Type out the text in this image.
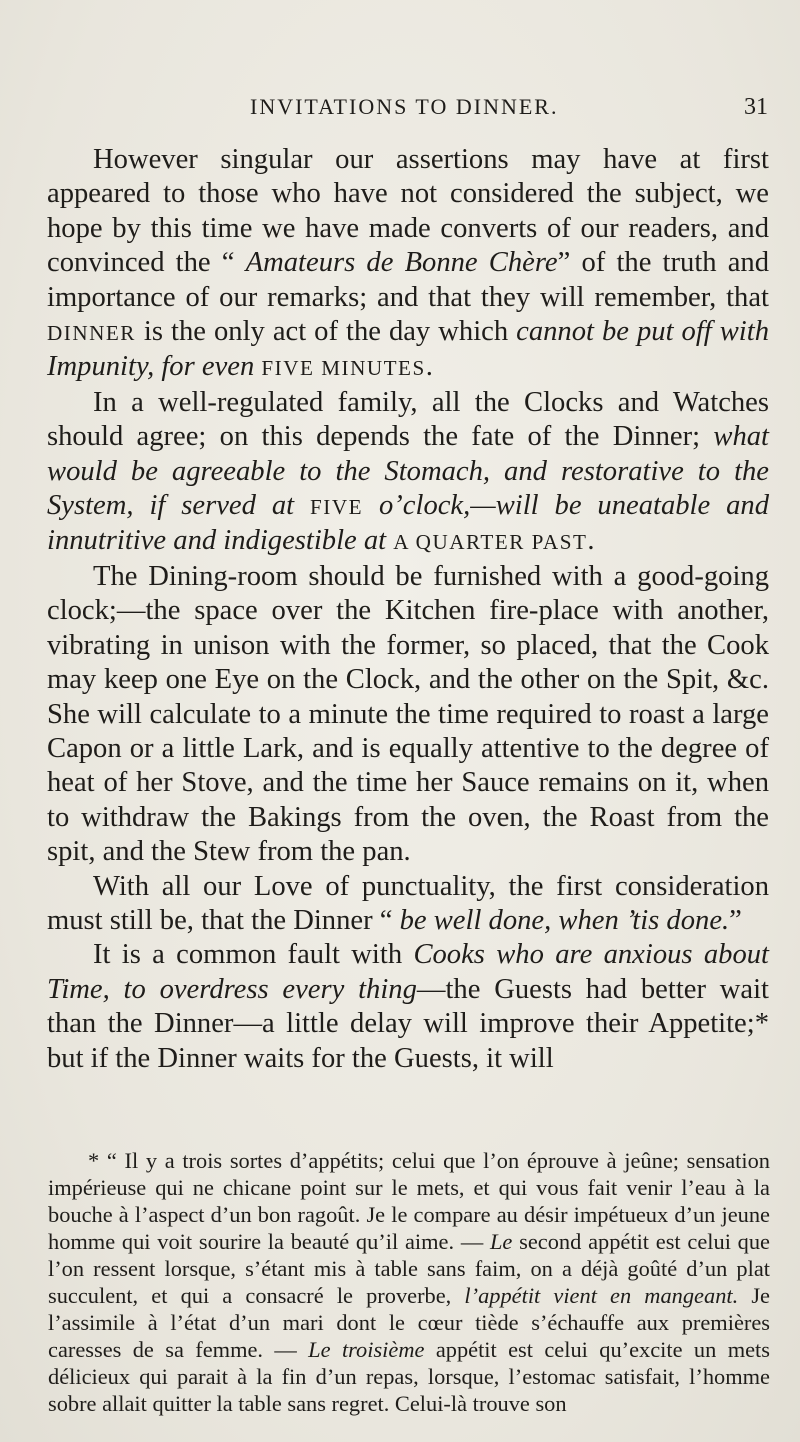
INVITATIONS TO DINNER.	31

However singular our assertions may have at first appeared to those who have not considered the subject, we hope by this time we have made converts of our readers, and convinced the “ Amateurs de Bonne Chère” of the truth and importance of our remarks; and that they will remember, that DINNER is the only act of the day which cannot be put off with Impunity, for even FIVE MINUTES.

In a well-regulated family, all the Clocks and Watches should agree; on this depends the fate of the Dinner; what would be agreeable to the Stomach, and restorative to the System, if served at FIVE o’clock,—will be uneatable and innutritive and indigestible at A QUARTER PAST.

The Dining-room should be furnished with a good-going clock;—the space over the Kitchen fire-place with another, vibrating in unison with the former, so placed, that the Cook may keep one Eye on the Clock, and the other on the Spit, &c. She will calculate to a minute the time required to roast a large Capon or a little Lark, and is equally attentive to the degree of heat of her Stove, and the time her Sauce remains on it, when to withdraw the Bakings from the oven, the Roast from the spit, and the Stew from the pan.

With all our Love of punctuality, the first consideration must still be, that the Dinner “ be well done, when ’tis done.”

It is a common fault with Cooks who are anxious about Time, to overdress every thing—the Guests had better wait than the Dinner—a little delay will improve their Appetite;* but if the Dinner waits for the Guests, it will

* “ Il y a trois sortes d’appétits; celui que l’on éprouve à jeûne; sensation impérieuse qui ne chicane point sur le mets, et qui vous fait venir l’eau à la bouche à l’aspect d’un bon ragoût. Je le compare au désir impétueux d’un jeune homme qui voit sourire la beauté qu’il aime. — Le second appétit est celui que l’on ressent lorsque, s’étant mis à table sans faim, on a déjà goûté d’un plat succulent, et qui a consacré le proverbe, l’appétit vient en mangeant. Je l’assimile à l’état d’un mari dont le cœur tiède s’échauffe aux premières caresses de sa femme. — Le troisième appétit est celui qu’excite un mets délicieux qui parait à la fin d’un repas, lorsque, l’estomac satisfait, l’homme sobre allait quitter la table sans regret. Celui-là trouve son
